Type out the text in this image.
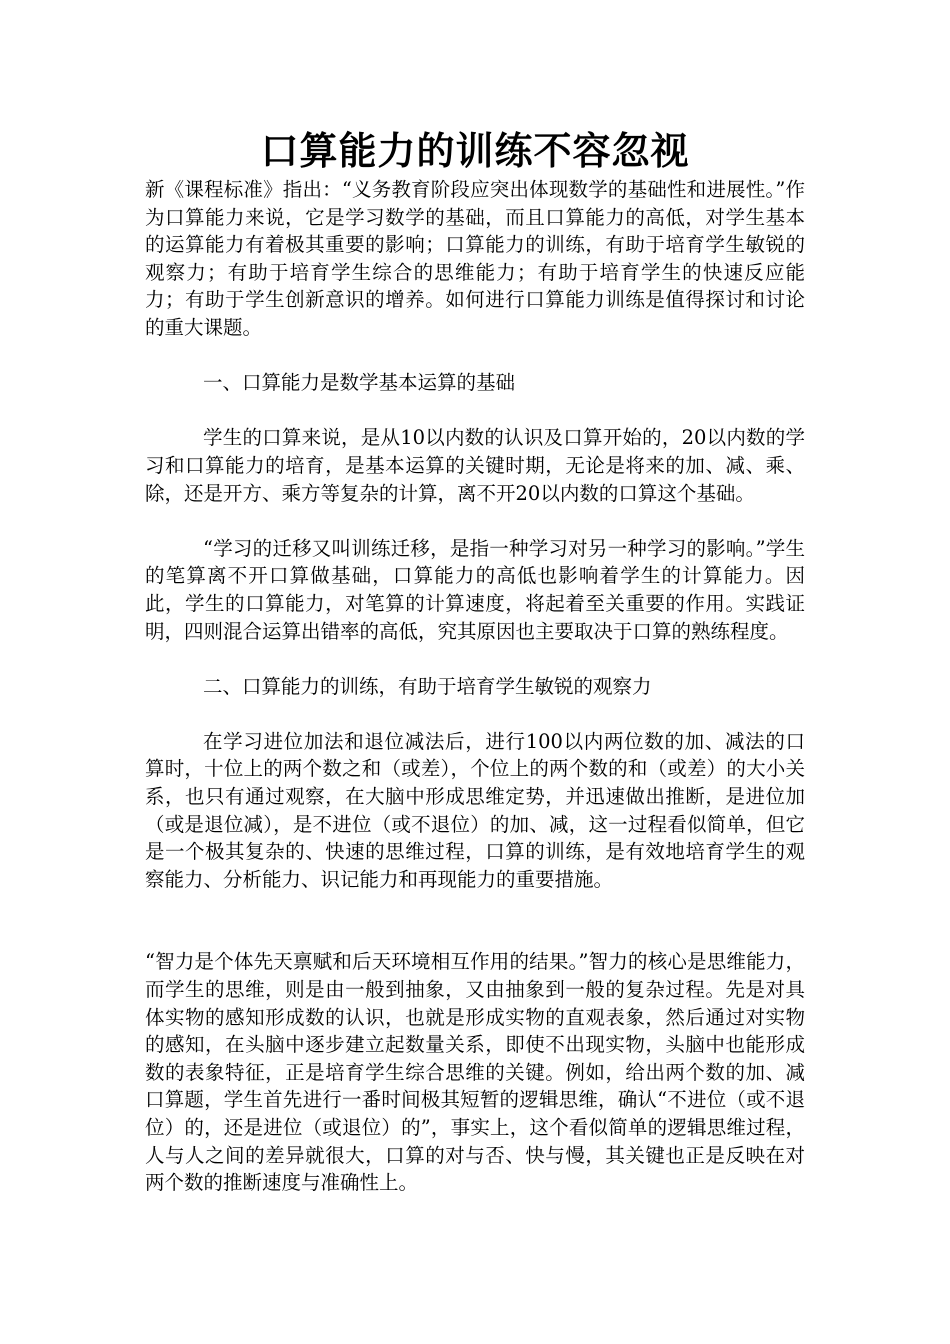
口算能力的训练不容忽视

新《课程标准》指出：“义务教育阶段应突出体现数学的基础性和进展性。”作为口算能力来说，它是学习数学的基础，而且口算能力的高低，对学生基本的运算能力有着极其重要的影响；口算能力的训练，有助于培育学生敏锐的观察力；有助于培育学生综合的思维能力；有助于培育学生的快速反应能力；有助于学生创新意识的增养。如何进行口算能力训练是值得探讨和讨论的重大课题。

一、口算能力是数学基本运算的基础

学生的口算来说，是从10以内数的认识及口算开始的，20以内数的学习和口算能力的培育，是基本运算的关键时期，无论是将来的加、减、乘、除，还是开方、乘方等复杂的计算，离不开20以内数的口算这个基础。

“学习的迁移又叫训练迁移，是指一种学习对另一种学习的影响。”学生的笔算离不开口算做基础，口算能力的高低也影响着学生的计算能力。因此，学生的口算能力，对笔算的计算速度，将起着至关重要的作用。实践证明，四则混合运算出错率的高低，究其原因也主要取决于口算的熟练程度。

二、口算能力的训练，有助于培育学生敏锐的观察力

在学习进位加法和退位减法后，进行100以内两位数的加、减法的口算时，十位上的两个数之和（或差），个位上的两个数的和（或差）的大小关系，也只有通过观察，在大脑中形成思维定势，并迅速做出推断，是进位加（或是退位减），是不进位（或不退位）的加、减，这一过程看似简单，但它是一个极其复杂的、快速的思维过程，口算的训练，是有效地培育学生的观察能力、分析能力、识记能力和再现能力的重要措施。

“智力是个体先天禀赋和后天环境相互作用的结果。”智力的核心是思维能力，而学生的思维，则是由一般到抽象，又由抽象到一般的复杂过程。先是对具体实物的感知形成数的认识，也就是形成实物的直观表象，然后通过对实物的感知，在头脑中逐步建立起数量关系，即使不出现实物，头脑中也能形成数的表象特征，正是培育学生综合思维的关键。例如，给出两个数的加、减口算题，学生首先进行一番时间极其短暂的逻辑思维，确认“不进位（或不退位）的，还是进位（或退位）的”，事实上，这个看似简单的逻辑思维过程，人与人之间的差异就很大，口算的对与否、快与慢，其关键也正是反映在对两个数的推断速度与准确性上。
